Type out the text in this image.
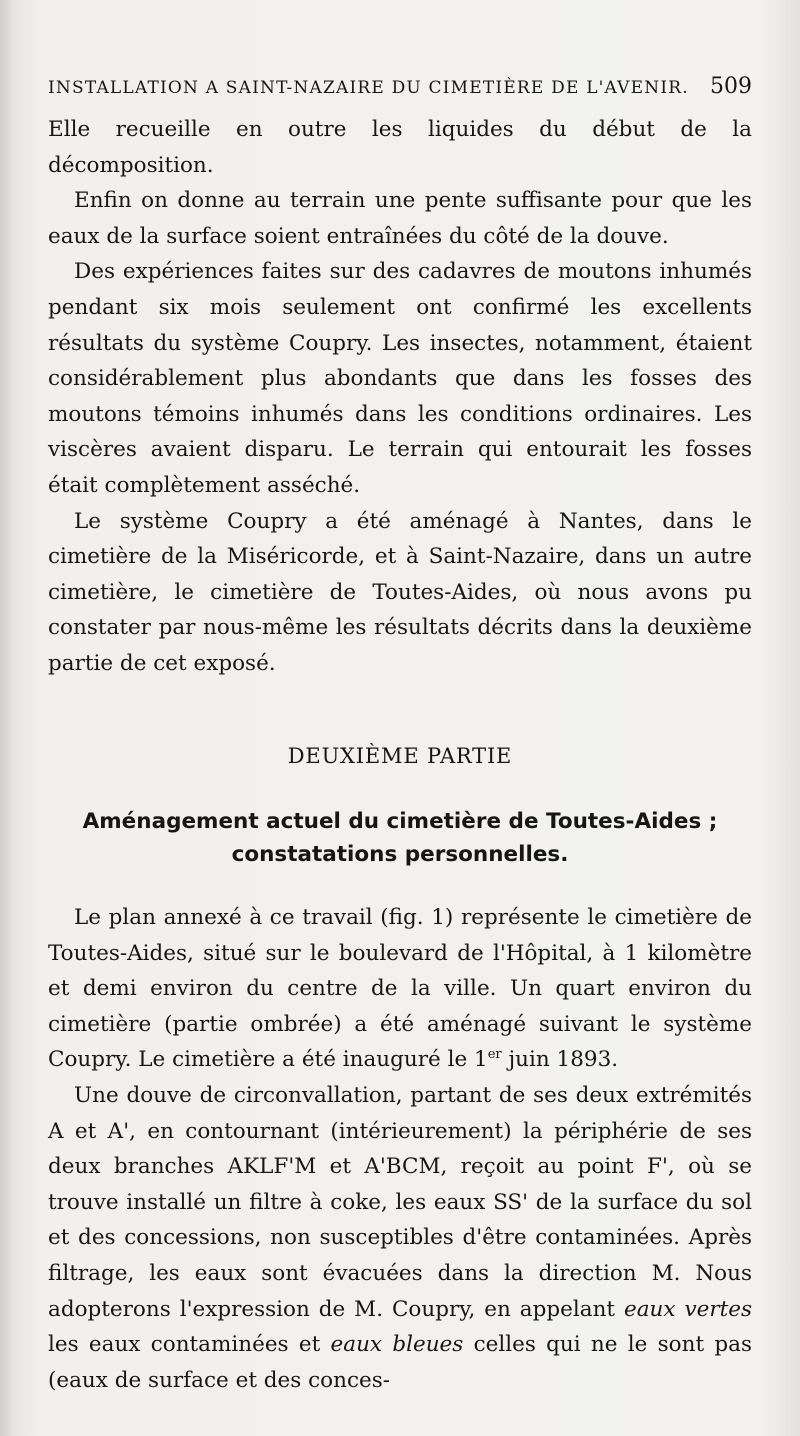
INSTALLATION A SAINT-NAZAIRE DU CIMETIÈRE DE L'AVENIR. 509

Elle recueille en outre les liquides du début de la décomposition.

Enfin on donne au terrain une pente suffisante pour que les eaux de la surface soient entraînées du côté de la douve.

Des expériences faites sur des cadavres de moutons inhumés pendant six mois seulement ont confirmé les excellents résultats du système Coupry. Les insectes, notamment, étaient considérablement plus abondants que dans les fosses des moutons témoins inhumés dans les conditions ordinaires. Les viscères avaient disparu. Le terrain qui entourait les fosses était complètement asséché.

Le système Coupry a été aménagé à Nantes, dans le cimetière de la Miséricorde, et à Saint-Nazaire, dans un autre cimetière, le cimetière de Toutes-Aides, où nous avons pu constater par nous-même les résultats décrits dans la deuxième partie de cet exposé.

DEUXIÈME PARTIE
Aménagement actuel du cimetière de Toutes-Aides ;
constatations personnelles.

Le plan annexé à ce travail (fig. 1) représente le cimetière de Toutes-Aides, situé sur le boulevard de l'Hôpital, à 1 kilomètre et demi environ du centre de la ville. Un quart environ du cimetière (partie ombrée) a été aménagé suivant le système Coupry. Le cimetière a été inauguré le 1er juin 1893.

Une douve de circonvallation, partant de ses deux extrémités A et A', en contournant (intérieurement) la périphérie de ses deux branches AKLF'M et A'BCM, reçoit au point F', où se trouve installé un filtre à coke, les eaux SS' de la surface du sol et des concessions, non susceptibles d'être contaminées. Après filtrage, les eaux sont évacuées dans la direction M. Nous adopterons l'expression de M. Coupry, en appelant eaux vertes les eaux contaminées et eaux bleues celles qui ne le sont pas (eaux de surface et des conces-
